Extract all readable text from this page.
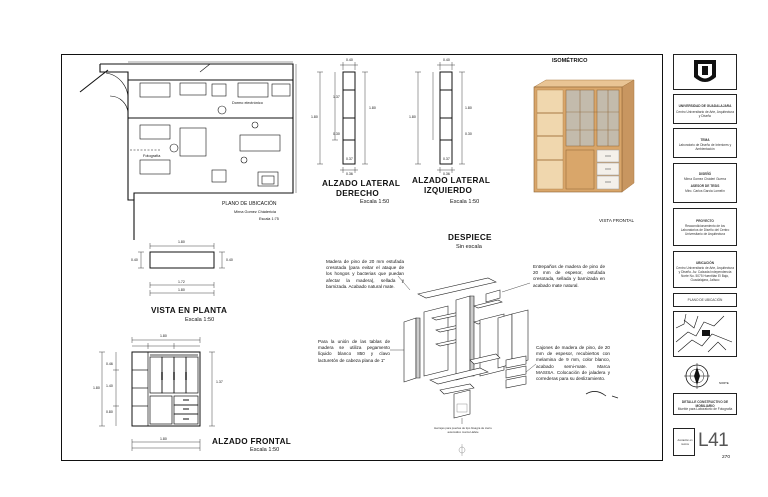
Dormo electrónico
Fotografía
PLANO DE UBICACIÓN
Mirna Gomez Chádericia
Escala 1:75
0.40
1.80
1.37
1.80
0.30
0.37
0.36
0.40
1.80
1.80
0.30
0.37
0.36
ALZADO LATERAL
DERECHO
Escala 1:50
ALZADO LATERAL
IZQUIERDO
Escala 1:50
ISOMÉTRICO
VISTA FRONTAL
1.80
0.40	0.40
1.72
1.80
VISTA EN PLANTA
Escala 1:50
1.80
1.80
0.46
1.40
0.80
1.37
1.80	ALZADO FRONTAL
Escala 1:50
DESPIECE
Sin escala
Madera de pino de 20 mm estufada cresotada (para evitar el ataque de los hongos y bacterias que puedan afectar la madera), sellada y barnizada. Acabado natural mate.
Entrepaños de madera de pino de 20 mm de espesor, estufada cresotada, sellada y barnizada en acabado mate natural.
Para la unión de las tablas de madera se utiliza pegamento líquido blanco 850 y clavo lacturetón de cabeza plana de 1"
Cajones de madera de pino, de 20 mm de espesor, recubiertos con melamina de 9 mm, color blanco, acabado semi-mate. Marca MASISA. Colocación de jaladera y correderas para su deslizamiento.
Herrajes para puertas de tipo bisagra de cierre automático marca Hafele
UNIVERSIDAD DE GUADALAJARA
Centro Universitario de Arte, Arquitectura y Diseño
TEMA
Laboratorio de Diseño de Interiores y Ambientación
DISEÑÓ
Mirna Gomez Cháderi Guerra
ASESOR DE TESIS
Mtro. Carlos Garcia Lomelín
PROYECTO
Reacondicionamiento de los Laboratorios de Diseño del Centro Universitario de Arquitectura
UBICACIÓN
Centro Universitario de Arte, Arquitectura y Diseño. Av. Calzada Independencia Norte No. 5075 Huentitán El Bajo, Guadalajara, Jalisco
PLANO DE UBICACIÓN
NORTE
DETALLE CONSTRUCTIVO DE MOBILIARIO
Mueble para Laboratorio de Fotografía
Acotación en metros L41
270
